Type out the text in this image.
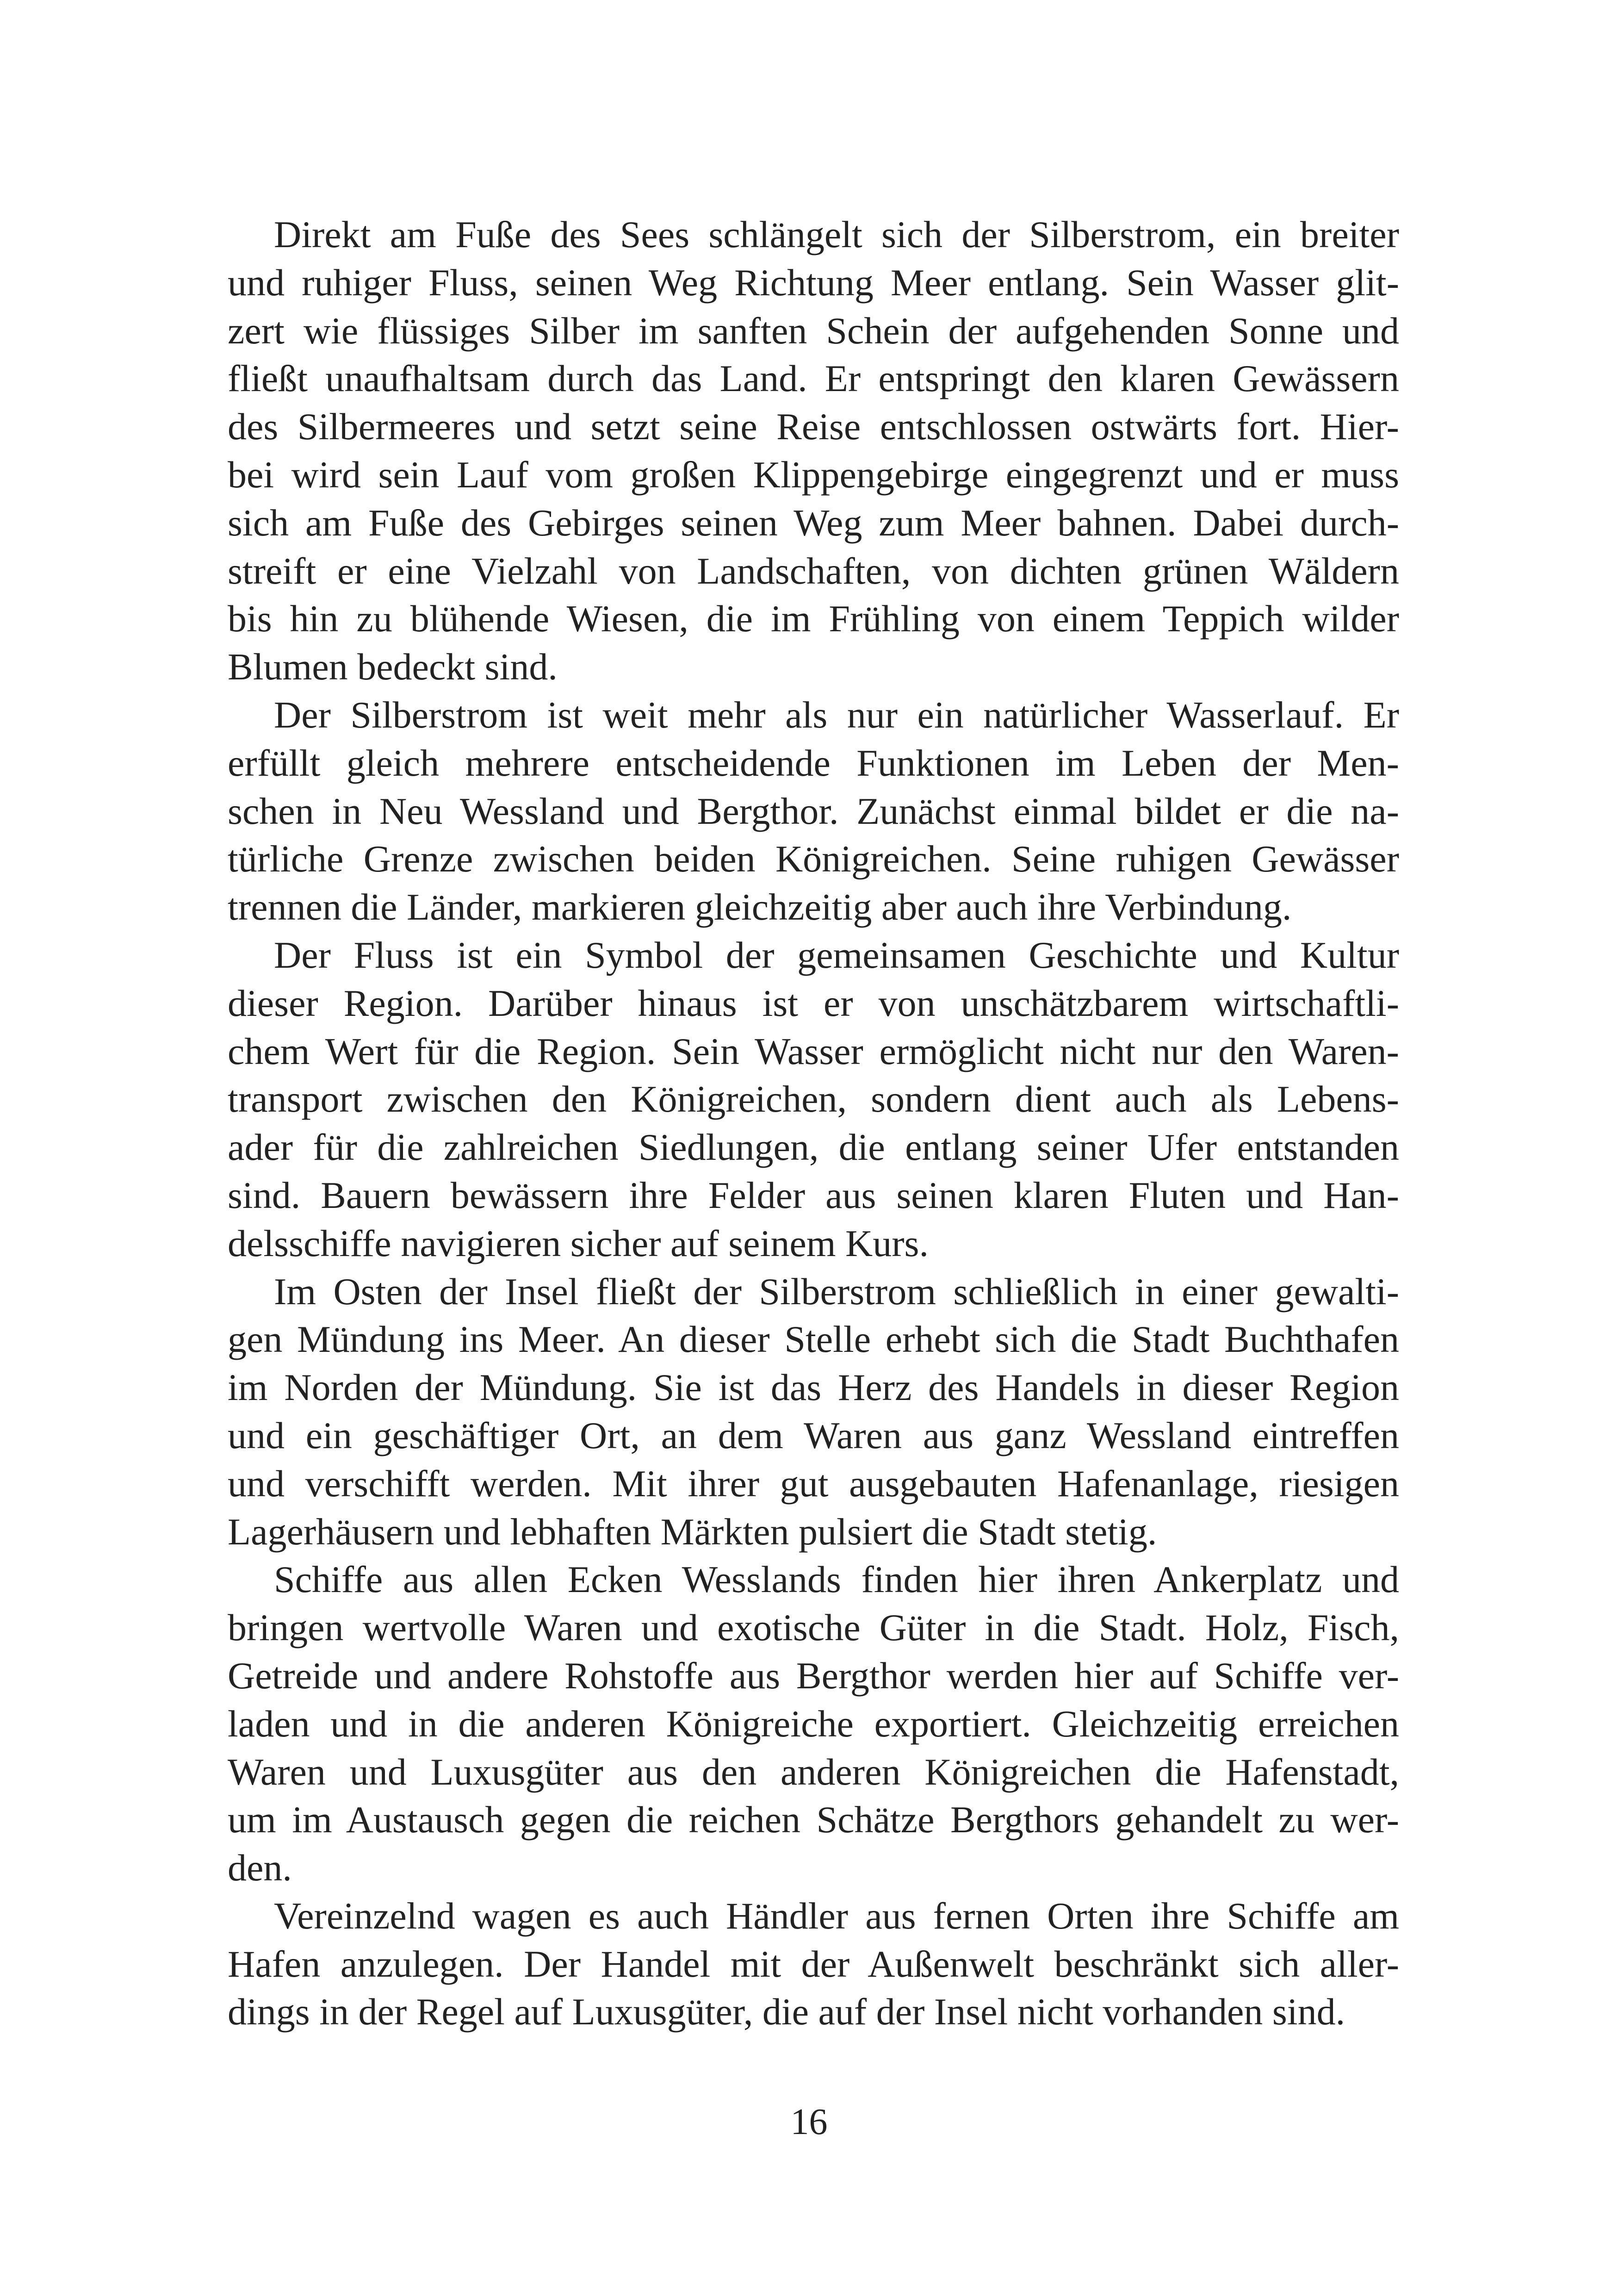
Direkt am Fuße des Sees schlängelt sich der Silberstrom, ein breiter
und ruhiger Fluss, seinen Weg Richtung Meer entlang. Sein Wasser glit-
zert wie flüssiges Silber im sanften Schein der aufgehenden Sonne und
fließt unaufhaltsam durch das Land. Er entspringt den klaren Gewässern
des Silbermeeres und setzt seine Reise entschlossen ostwärts fort. Hier-
bei wird sein Lauf vom großen Klippengebirge eingegrenzt und er muss
sich am Fuße des Gebirges seinen Weg zum Meer bahnen. Dabei durch-
streift er eine Vielzahl von Landschaften, von dichten grünen Wäldern
bis hin zu blühende Wiesen, die im Frühling von einem Teppich wilder
Blumen bedeckt sind.
Der Silberstrom ist weit mehr als nur ein natürlicher Wasserlauf. Er
erfüllt gleich mehrere entscheidende Funktionen im Leben der Men-
schen in Neu Wessland und Bergthor. Zunächst einmal bildet er die na-
türliche Grenze zwischen beiden Königreichen. Seine ruhigen Gewässer
trennen die Länder, markieren gleichzeitig aber auch ihre Verbindung.
Der Fluss ist ein Symbol der gemeinsamen Geschichte und Kultur
dieser Region. Darüber hinaus ist er von unschätzbarem wirtschaftli-
chem Wert für die Region. Sein Wasser ermöglicht nicht nur den Waren-
transport zwischen den Königreichen, sondern dient auch als Lebens-
ader für die zahlreichen Siedlungen, die entlang seiner Ufer entstanden
sind. Bauern bewässern ihre Felder aus seinen klaren Fluten und Han-
delsschiffe navigieren sicher auf seinem Kurs.
Im Osten der Insel fließt der Silberstrom schließlich in einer gewalti-
gen Mündung ins Meer. An dieser Stelle erhebt sich die Stadt Buchthafen
im Norden der Mündung. Sie ist das Herz des Handels in dieser Region
und ein geschäftiger Ort, an dem Waren aus ganz Wessland eintreffen
und verschifft werden. Mit ihrer gut ausgebauten Hafenanlage, riesigen
Lagerhäusern und lebhaften Märkten pulsiert die Stadt stetig.
Schiffe aus allen Ecken Wesslands finden hier ihren Ankerplatz und
bringen wertvolle Waren und exotische Güter in die Stadt. Holz, Fisch,
Getreide und andere Rohstoffe aus Bergthor werden hier auf Schiffe ver-
laden und in die anderen Königreiche exportiert. Gleichzeitig erreichen
Waren und Luxusgüter aus den anderen Königreichen die Hafenstadt,
um im Austausch gegen die reichen Schätze Bergthors gehandelt zu wer-
den.
Vereinzelnd wagen es auch Händler aus fernen Orten ihre Schiffe am
Hafen anzulegen. Der Handel mit der Außenwelt beschränkt sich aller-
dings in der Regel auf Luxusgüter, die auf der Insel nicht vorhanden sind.
16
